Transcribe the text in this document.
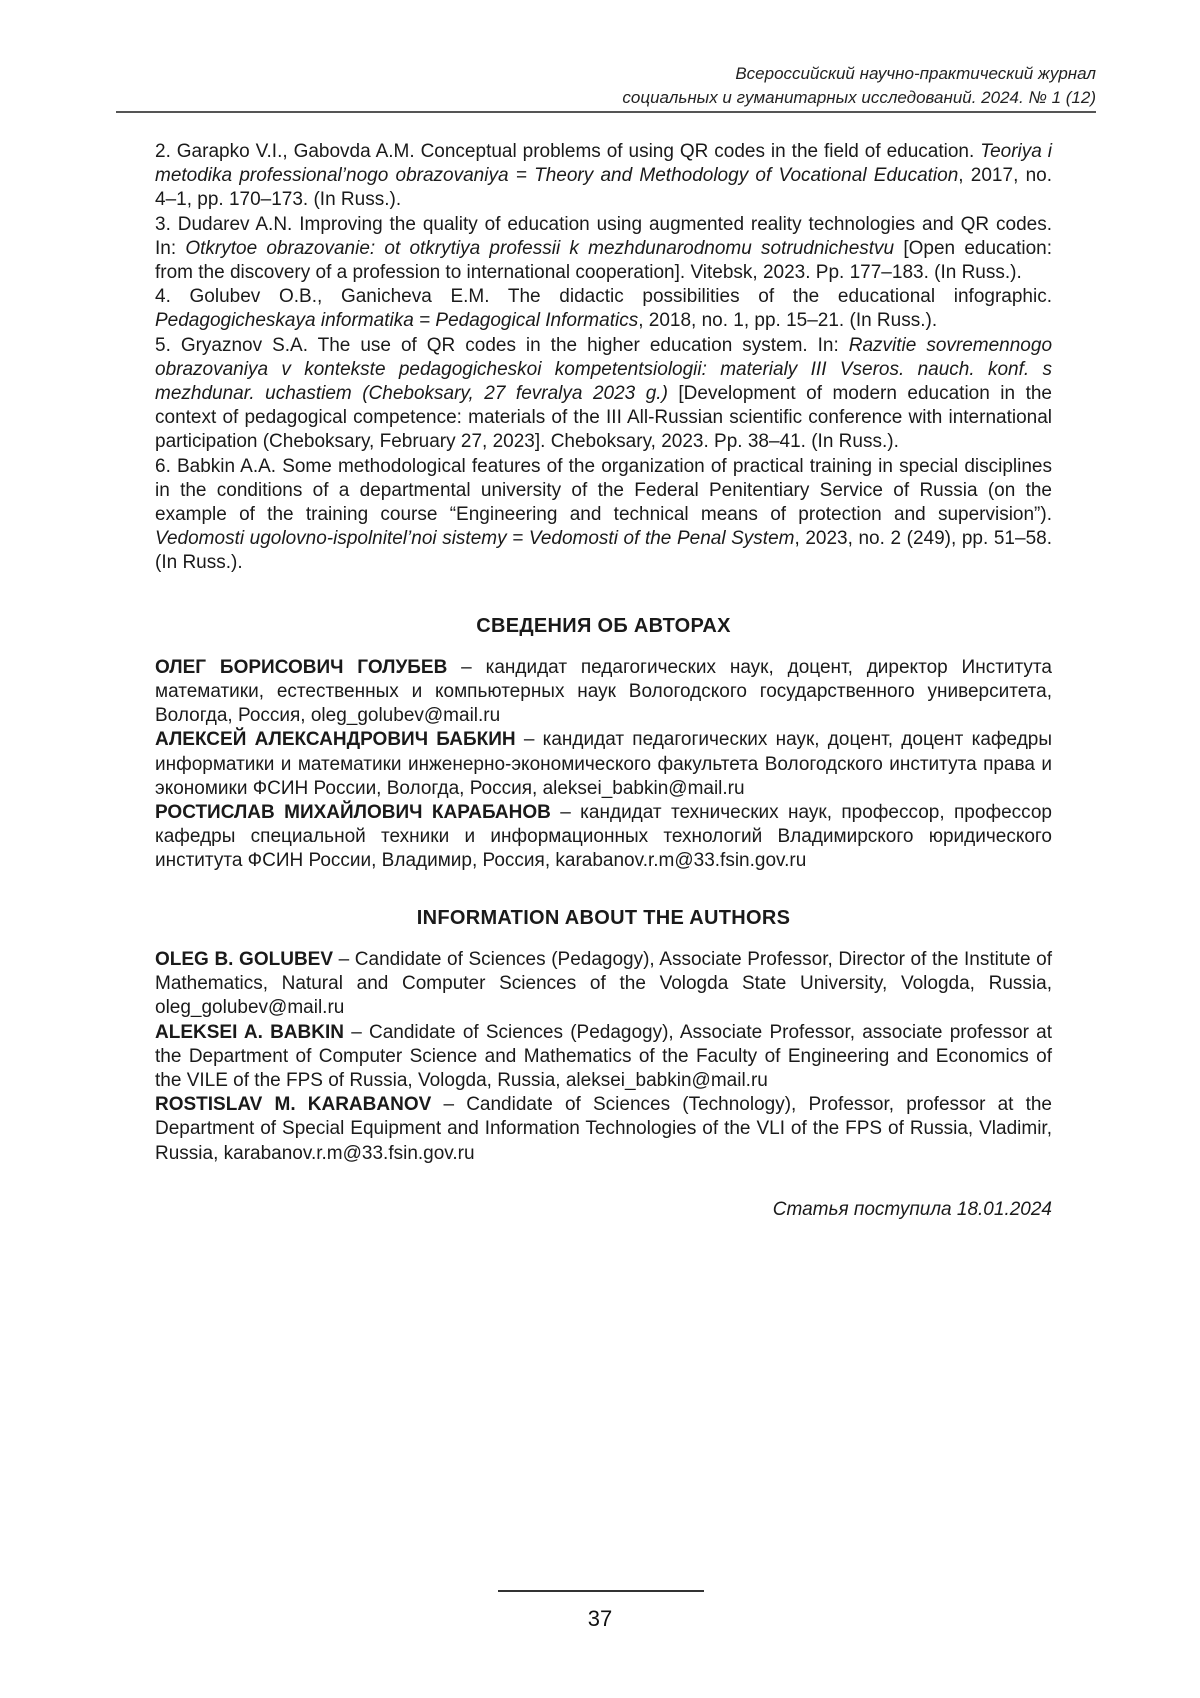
Всероссийский научно-практический журнал
социальных и гуманитарных исследований. 2024. № 1 (12)

2. Garapko V.I., Gabovda A.M. Conceptual problems of using QR codes in the field of education. Teoriya i metodika professional’nogo obrazovaniya = Theory and Methodology of Vocational Education, 2017, no. 4–1, pp. 170–173. (In Russ.).

3. Dudarev A.N. Improving the quality of education using augmented reality technologies and QR codes. In: Otkrytoe obrazovanie: ot otkrytiya professii k mezhdunarodnomu sotrudnichestvu [Open education: from the discovery of a profession to international cooperation]. Vitebsk, 2023. Pp. 177–183. (In Russ.).

4. Golubev O.B., Ganicheva E.M. The didactic possibilities of the educational infographic. Pedagogicheskaya informatika = Pedagogical Informatics, 2018, no. 1, pp. 15–21. (In Russ.).

5. Gryaznov S.A. The use of QR codes in the higher education system. In: Razvitie sovremennogo obrazovaniya v kontekste pedagogicheskoi kompetentsiologii: materialy III Vseros. nauch. konf. s mezhdunar. uchastiem (Cheboksary, 27 fevralya 2023 g.) [Development of modern education in the context of pedagogical competence: materials of the III All-Russian scientific conference with international participation (Cheboksary, February 27, 2023]. Cheboksary, 2023. Pp. 38–41. (In Russ.).

6. Babkin A.A. Some methodological features of the organization of practical training in special disciplines in the conditions of a departmental university of the Federal Penitentiary Service of Russia (on the example of the training course “Engineering and technical means of protection and supervision”). Vedomosti ugolovno-ispolnitel’noi sistemy = Vedomosti of the Penal System, 2023, no. 2 (249), pp. 51–58. (In Russ.).

СВЕДЕНИЯ ОБ АВТОРАХ

ОЛЕГ БОРИСОВИЧ ГОЛУБЕВ – кандидат педагогических наук, доцент, директор Института математики, естественных и компьютерных наук Вологодского государственного университета, Вологда, Россия, oleg_golubev@mail.ru

АЛЕКСЕЙ АЛЕКСАНДРОВИЧ БАБКИН – кандидат педагогических наук, доцент, доцент кафедры информатики и математики инженерно-экономического факультета Вологодского института права и экономики ФСИН России, Вологда, Россия, aleksei_babkin@mail.ru

РОСТИСЛАВ МИХАЙЛОВИЧ КАРАБАНОВ – кандидат технических наук, профессор, профессор кафедры специальной техники и информационных технологий Владимирского юридического института ФСИН России, Владимир, Россия, karabanov.r.m@33.fsin.gov.ru

INFORMATION ABOUT THE AUTHORS

OLEG B. GOLUBEV – Candidate of Sciences (Pedagogy), Associate Professor, Director of the Institute of Mathematics, Natural and Computer Sciences of the Vologda State University, Vologda, Russia, oleg_golubev@mail.ru

ALEKSEI A. BABKIN – Candidate of Sciences (Pedagogy), Associate Professor, associate professor at the Department of Computer Science and Mathematics of the Faculty of Engineering and Economics of the VILE of the FPS of Russia, Vologda, Russia, aleksei_babkin@mail.ru

ROSTISLAV M. KARABANOV – Candidate of Sciences (Technology), Professor, professor at the Department of Special Equipment and Information Technologies of the VLI of the FPS of Russia, Vladimir, Russia, karabanov.r.m@33.fsin.gov.ru

Статья поступила 18.01.2024

37
